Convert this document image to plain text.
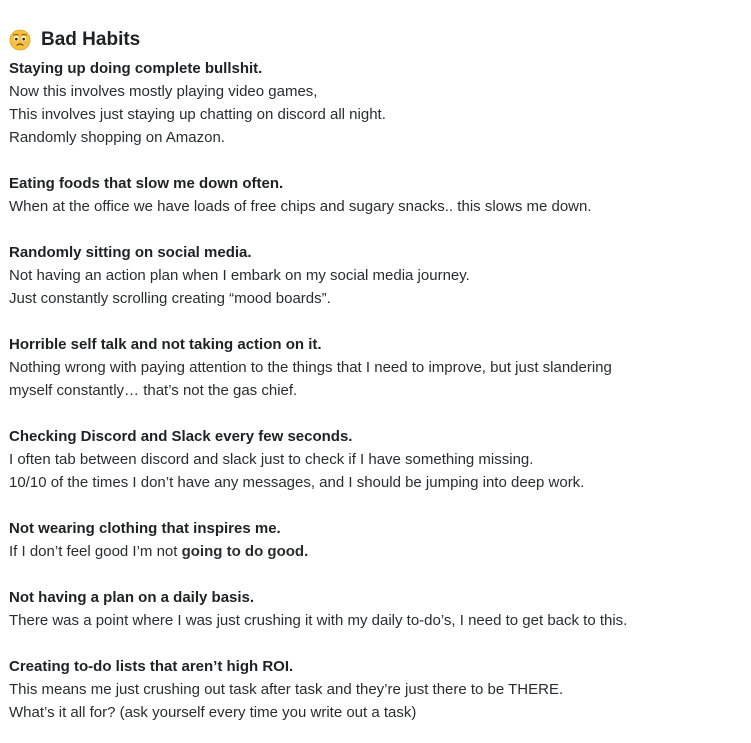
Bad Habits
Staying up doing complete bullshit.
Now this involves mostly playing video games,
This involves just staying up chatting on discord all night.
Randomly shopping on Amazon.
Eating foods that slow me down often.
When at the office we have loads of free chips and sugary snacks.. this slows me down.
Randomly sitting on social media.
Not having an action plan when I embark on my social media journey.
Just constantly scrolling creating “mood boards”.
Horrible self talk and not taking action on it.
Nothing wrong with paying attention to the things that I need to improve, but just slandering
myself constantly… that’s not the gas chief.
Checking Discord and Slack every few seconds.
I often tab between discord and slack just to check if I have something missing.
10/10 of the times I don’t have any messages, and I should be jumping into deep work.
Not wearing clothing that inspires me.
If I don’t feel good I’m not going to do good.
Not having a plan on a daily basis.
There was a point where I was just crushing it with my daily to-do’s, I need to get back to this.
Creating to-do lists that aren’t high ROI.
This means me just crushing out task after task and they’re just there to be THERE.
What’s it all for? (ask yourself every time you write out a task)
